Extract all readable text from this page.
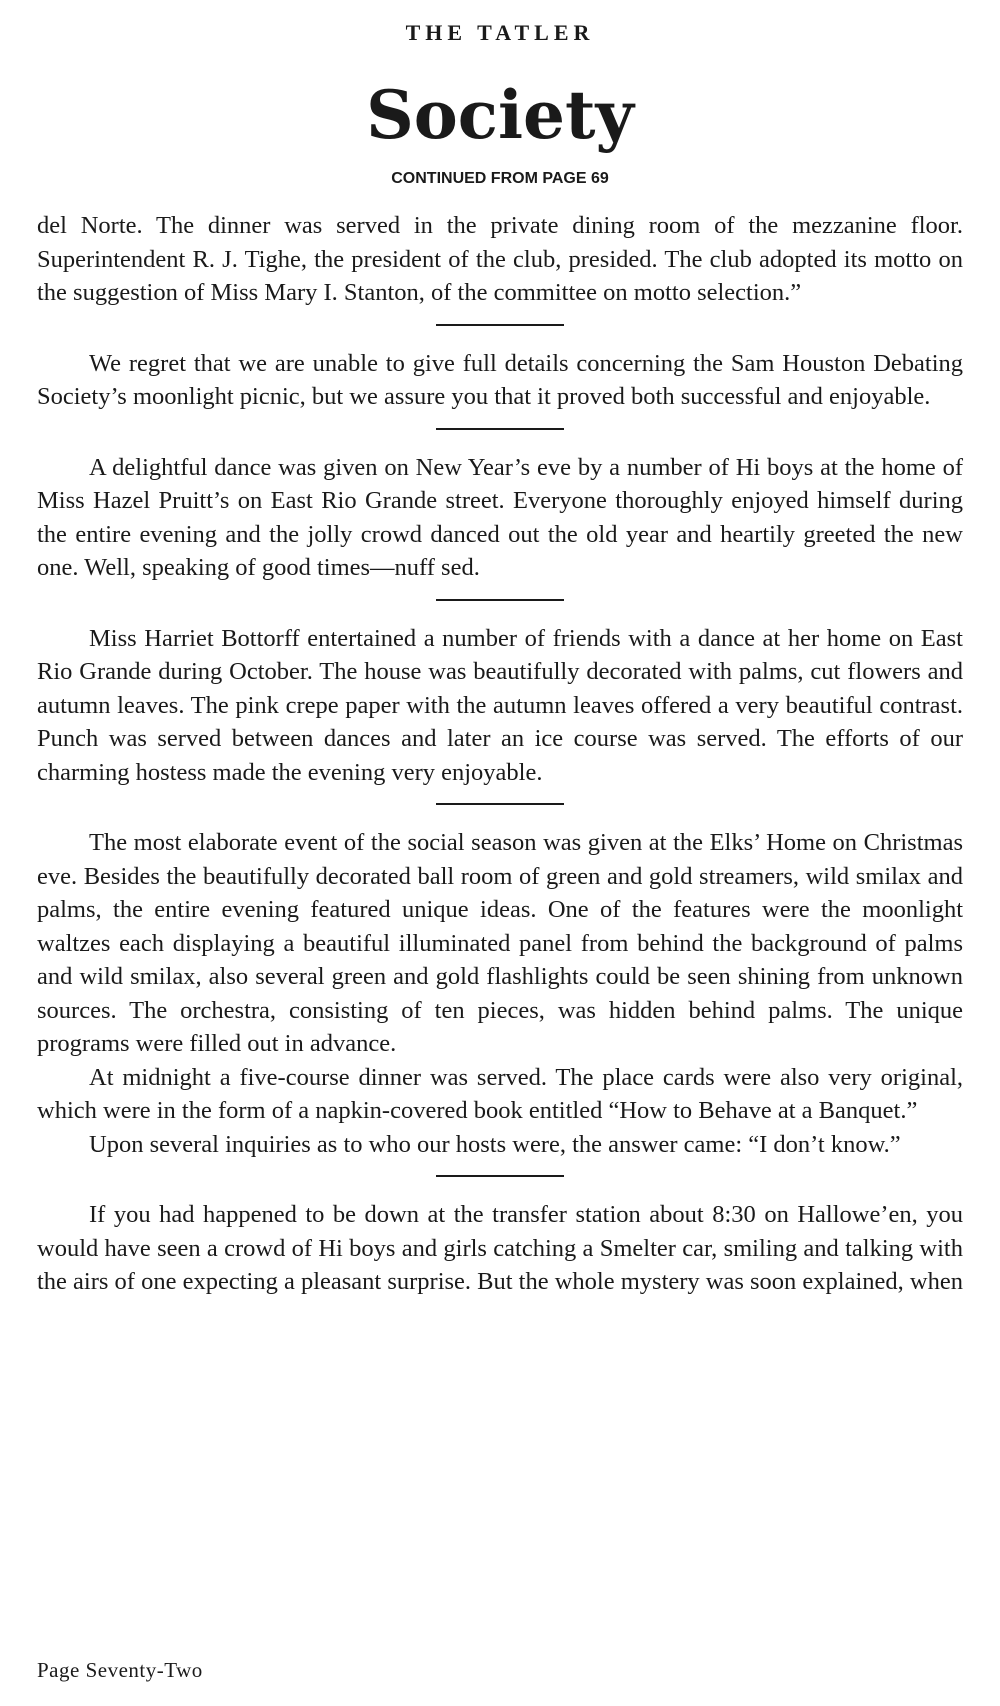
THE TATLER
Society
CONTINUED FROM PAGE 69

del Norte. The dinner was served in the private dining room of the mezzanine floor. Superintendent R. J. Tighe, the president of the club, presided. The club adopted its motto on the suggestion of Miss Mary I. Stanton, of the committee on motto selection.”

We regret that we are unable to give full details concerning the Sam Houston Debating Society’s moonlight picnic, but we assure you that it proved both successful and enjoyable.

A delightful dance was given on New Year’s eve by a number of Hi boys at the home of Miss Hazel Pruitt’s on East Rio Grande street. Everyone thoroughly enjoyed himself during the entire evening and the jolly crowd danced out the old year and heartily greeted the new one. Well, speaking of good times—nuff sed.

Miss Harriet Bottorff entertained a number of friends with a dance at her home on East Rio Grande during October. The house was beautifully decorated with palms, cut flowers and autumn leaves. The pink crepe paper with the autumn leaves offered a very beautiful contrast. Punch was served between dances and later an ice course was served. The efforts of our charming hostess made the evening very enjoyable.

The most elaborate event of the social season was given at the Elks’ Home on Christmas eve. Besides the beautifully decorated ball room of green and gold streamers, wild smilax and palms, the entire evening featured unique ideas. One of the features were the moonlight waltzes each displaying a beautiful illuminated panel from behind the background of palms and wild smilax, also several green and gold flashlights could be seen shining from unknown sources. The orchestra, consisting of ten pieces, was hidden behind palms. The unique programs were filled out in advance.

At midnight a five-course dinner was served. The place cards were also very original, which were in the form of a napkin-covered book entitled “How to Behave at a Banquet.”

Upon several inquiries as to who our hosts were, the answer came: “I don’t know.”

If you had happened to be down at the transfer station about 8:30 on Hallowe’en, you would have seen a crowd of Hi boys and girls catching a Smelter car, smiling and talking with the airs of one expecting a pleasant surprise. But the whole mystery was soon explained, when

Page Seventy-Two
